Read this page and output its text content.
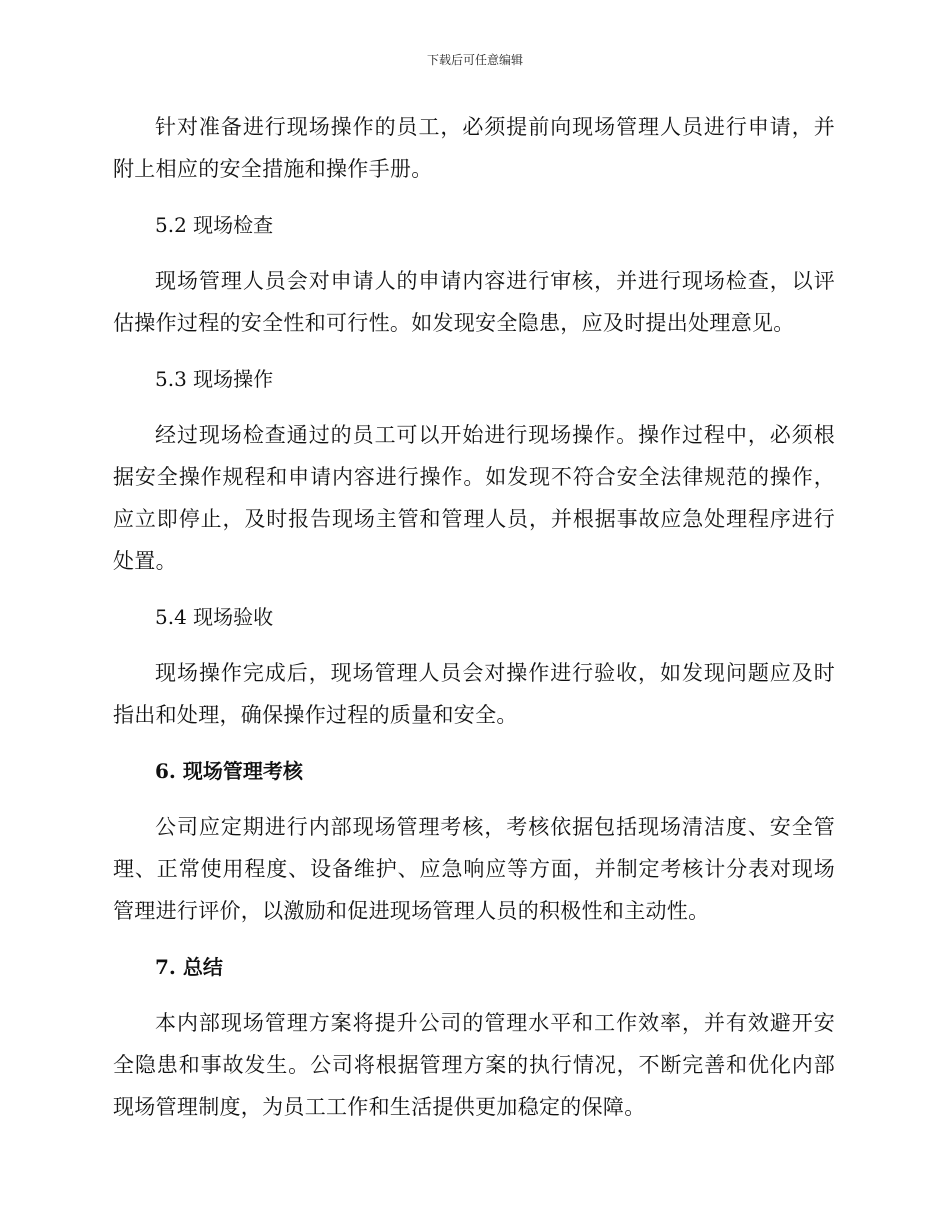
下载后可任意编辑

针对准备进行现场操作的员工，必须提前向现场管理人员进行申请，并附上相应的安全措施和操作手册。

5.2 现场检查

现场管理人员会对申请人的申请内容进行审核，并进行现场检查，以评估操作过程的安全性和可行性。如发现安全隐患，应及时提出处理意见。

5.3 现场操作

经过现场检查通过的员工可以开始进行现场操作。操作过程中，必须根据安全操作规程和申请内容进行操作。如发现不符合安全法律规范的操作，应立即停止，及时报告现场主管和管理人员，并根据事故应急处理程序进行处置。

5.4 现场验收

现场操作完成后，现场管理人员会对操作进行验收，如发现问题应及时指出和处理，确保操作过程的质量和安全。

6. 现场管理考核

公司应定期进行内部现场管理考核，考核依据包括现场清洁度、安全管理、正常使用程度、设备维护、应急响应等方面，并制定考核计分表对现场管理进行评价，以激励和促进现场管理人员的积极性和主动性。

7. 总结

本内部现场管理方案将提升公司的管理水平和工作效率，并有效避开安全隐患和事故发生。公司将根据管理方案的执行情况，不断完善和优化内部现场管理制度，为员工工作和生活提供更加稳定的保障。
